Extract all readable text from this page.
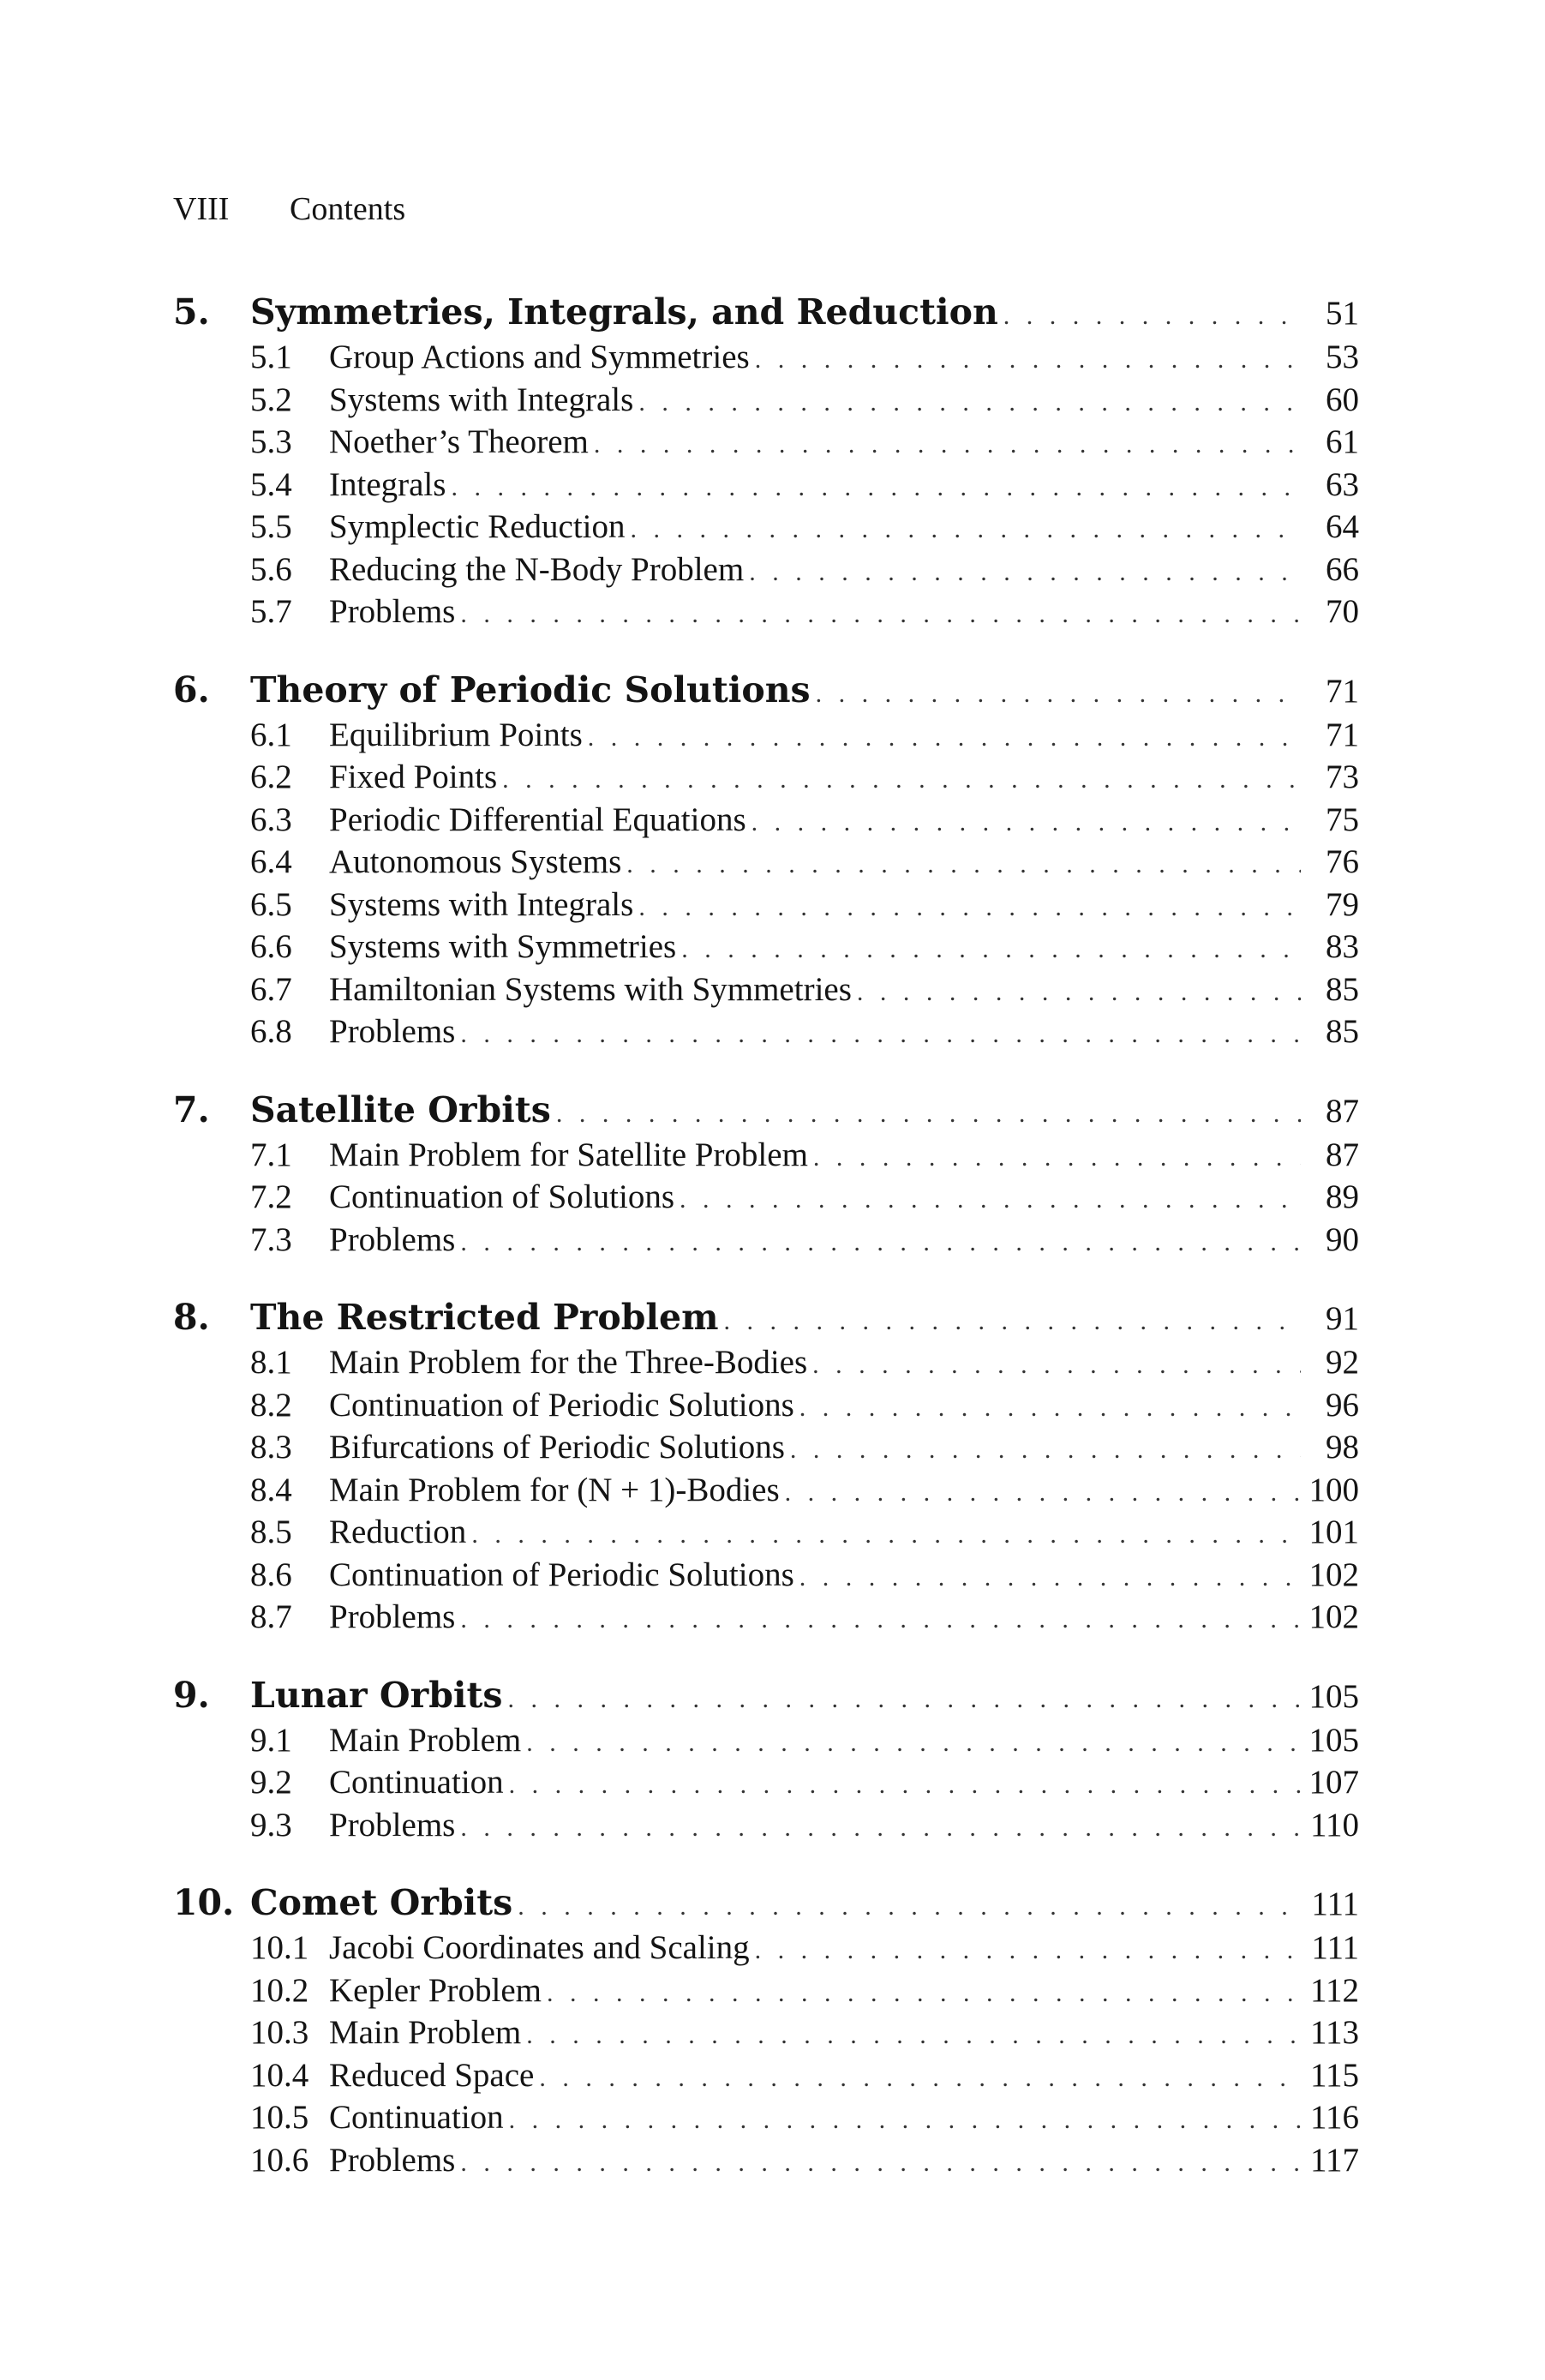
VIII Contents
5.	Symmetries, Integrals, and Reduction . . .	51
5.1	Group Actions and Symmetries . . .	53
5.2	Systems with Integrals . . .	60
5.3	Noether’s Theorem . . .	61
5.4	Integrals . . .	63
5.5	Symplectic Reduction . . .	64
5.6	Reducing the N-Body Problem . . .	66
5.7	Problems . . .	70
6.	Theory of Periodic Solutions . . .	71
6.1	Equilibrium Points . . .	71
6.2	Fixed Points . . .	73
6.3	Periodic Differential Equations . . .	75
6.4	Autonomous Systems . . .	76
6.5	Systems with Integrals . . .	79
6.6	Systems with Symmetries . . .	83
6.7	Hamiltonian Systems with Symmetries . . .	85
6.8	Problems . . .	85
7.	Satellite Orbits . . .	87
7.1	Main Problem for Satellite Problem . . .	87
7.2	Continuation of Solutions . . .	89
7.3	Problems . . .	90
8.	The Restricted Problem . . .	91
8.1	Main Problem for the Three-Bodies . . .	92
8.2	Continuation of Periodic Solutions . . .	96
8.3	Bifurcations of Periodic Solutions . . .	98
8.4	Main Problem for (N + 1)-Bodies . . .	100
8.5	Reduction . . .	101
8.6	Continuation of Periodic Solutions . . .	102
8.7	Problems . . .	102
9.	Lunar Orbits . . .	105
9.1	Main Problem . . .	105
9.2	Continuation . . .	107
9.3	Problems . . .	110
10. Comet Orbits . . .	111
10.1 Jacobi Coordinates and Scaling . . .	111
10.2 Kepler Problem . . .	112
10.3 Main Problem . . .	113
10.4 Reduced Space . . .	115
10.5 Continuation . . .	116
10.6 Problems . . .	117
